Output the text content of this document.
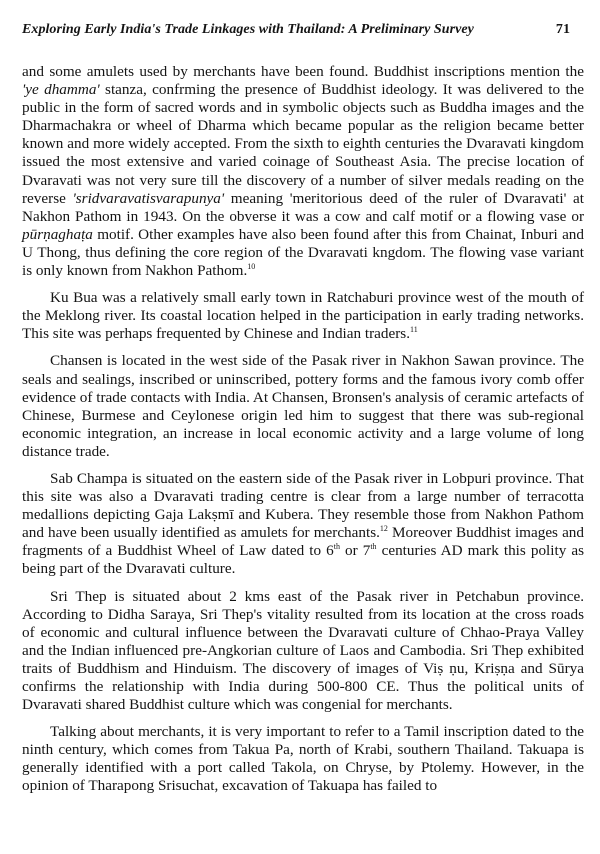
Exploring Early India's Trade Linkages with Thailand: A Preliminary Survey	71

and some amulets used by merchants have been found. Buddhist inscriptions mention the 'ye dhamma' stanza, confrming the presence of Buddhist ideology. It was delivered to the public in the form of sacred words and in symbolic objects such as Buddha images and the Dharmachakra or wheel of Dharma which became popular as the religion became better known and more widely accepted. From the sixth to eighth centuries the Dvaravati kingdom issued the most extensive and varied coinage of Southeast Asia. The precise location of Dvaravati was not very sure till the discovery of a number of silver medals reading on the reverse 'sridvaravatisvarapunya' meaning 'meritorious deed of the ruler of Dvaravati' at Nakhon Pathom in 1943. On the obverse it was a cow and calf motif or a flowing vase or pūrṇaghaṭa motif. Other examples have also been found after this from Chainat, Inburi and U Thong, thus defining the core region of the Dvaravati kngdom. The flowing vase variant is only known from Nakhon Pathom.$^{10}$

Ku Bua was a relatively small early town in Ratchaburi province west of the mouth of the Meklong river. Its coastal location helped in the participation in early trading networks. This site was perhaps frequented by Chinese and Indian traders.$^{11}$

Chansen is located in the west side of the Pasak river in Nakhon Sawan province. The seals and sealings, inscribed or uninscribed, pottery forms and the famous ivory comb offer evidence of trade contacts with India. At Chansen, Bronsen's analysis of ceramic artefacts of Chinese, Burmese and Ceylonese origin led him to suggest that there was sub-regional economic integration, an increase in local economic activity and a large volume of long distance trade.

Sab Champa is situated on the eastern side of the Pasak river in Lobpuri province. That this site was also a Dvaravati trading centre is clear from a large number of terracotta medallions depicting Gaja Lakṣmī and Kubera. They resemble those from Nakhon Pathom and have been usually identified as amulets for merchants.$^{12}$ Moreover Buddhist images and fragments of a Buddhist Wheel of Law dated to 6th or 7th centuries AD mark this polity as being part of the Dvaravati culture.

Sri Thep is situated about 2 kms east of the Pasak river in Petchabun province. According to Didha Saraya, Sri Thep's vitality resulted from its location at the cross roads of economic and cultural influence between the Dvaravati culture of Chhao-Praya Valley and the Indian influenced pre-Angkorian culture of Laos and Cambodia. Sri Thep exhibited traits of Buddhism and Hinduism. The discovery of images of Viṣ ṇu, Kriṣṇa and Sūrya confirms the relationship with India during 500-800 CE. Thus the political units of Dvaravati shared Buddhist culture which was congenial for merchants.

Talking about merchants, it is very important to refer to a Tamil inscription dated to the ninth century, which comes from Takua Pa, north of Krabi, southern Thailand. Takuapa is generally identified with a port called Takola, on Chryse, by Ptolemy. However, in the opinion of Tharapong Srisuchat, excavation of Takuapa has failed to
